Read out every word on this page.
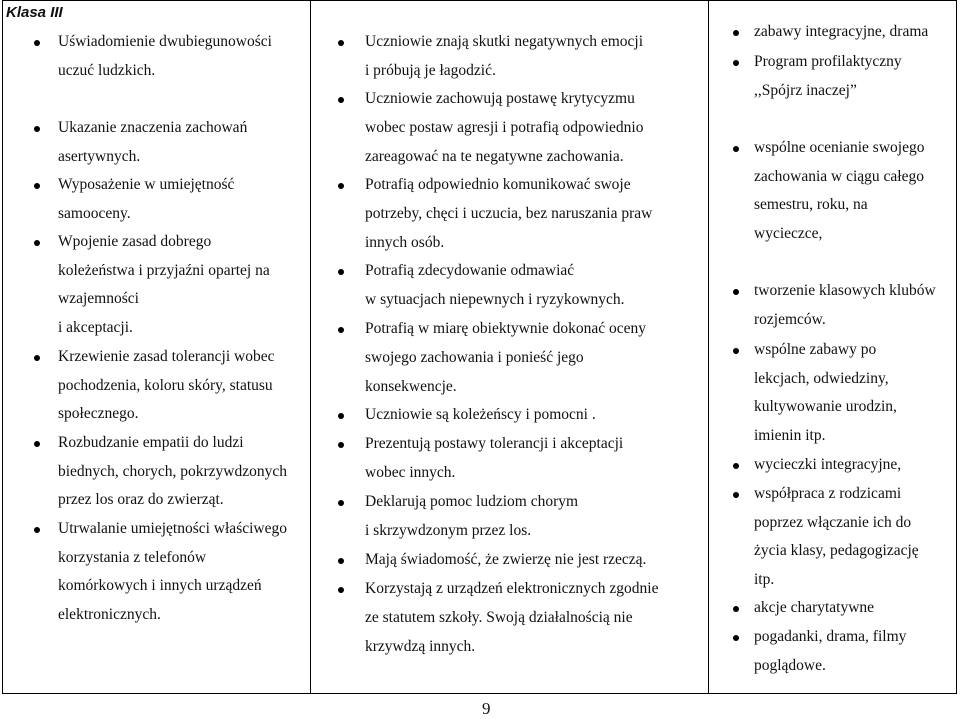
Klasa III
Uświadomienie dwubiegunowości
uczuć ludzkich.
Ukazanie znaczenia zachowań
asertywnych.
Wyposażenie w umiejętność
samooceny.
Wpojenie zasad dobrego
koleżeństwa i przyjaźni opartej na
wzajemności
i akceptacji.
Krzewienie zasad tolerancji wobec
pochodzenia, koloru skóry, statusu
społecznego.
Rozbudzanie empatii do ludzi
biednych, chorych, pokrzywdzonych
przez los oraz do zwierząt.
Utrwalanie umiejętności właściwego
korzystania z telefonów
komórkowych i innych urządzeń
elektronicznych.
Uczniowie znają skutki negatywnych emocji
i próbują je łagodzić.
Uczniowie zachowują postawę krytycyzmu
wobec postaw agresji i potrafią odpowiednio
zareagować na te negatywne zachowania.
Potrafią odpowiednio komunikować swoje
potrzeby, chęci i uczucia, bez naruszania praw
innych osób.
Potrafią zdecydowanie odmawiać
w sytuacjach niepewnych i ryzykownych.
Potrafią w miarę obiektywnie dokonać oceny
swojego zachowania i ponieść jego
konsekwencje.
Uczniowie są koleżeńscy i pomocni .
Prezentują postawy tolerancji i akceptacji
wobec innych.
Deklarują pomoc ludziom chorym
i skrzywdzonym przez los.
Mają świadomość, że zwierzę nie jest rzeczą.
Korzystają z urządzeń elektronicznych zgodnie
ze statutem szkoły. Swoją działalnością nie
krzywdzą innych.
zabawy integracyjne, drama
Program profilaktyczny
,,Spójrz inaczej”
wspólne ocenianie swojego
zachowania w ciągu całego
semestru, roku, na
wycieczce,
tworzenie klasowych klubów
rozjemców.
wspólne zabawy po
lekcjach, odwiedziny,
kultywowanie urodzin,
imienin itp.
wycieczki integracyjne,
współpraca z rodzicami
poprzez włączanie ich do
życia klasy, pedagogizację
itp.
akcje charytatywne
pogadanki, drama, filmy
poglądowe.
9
